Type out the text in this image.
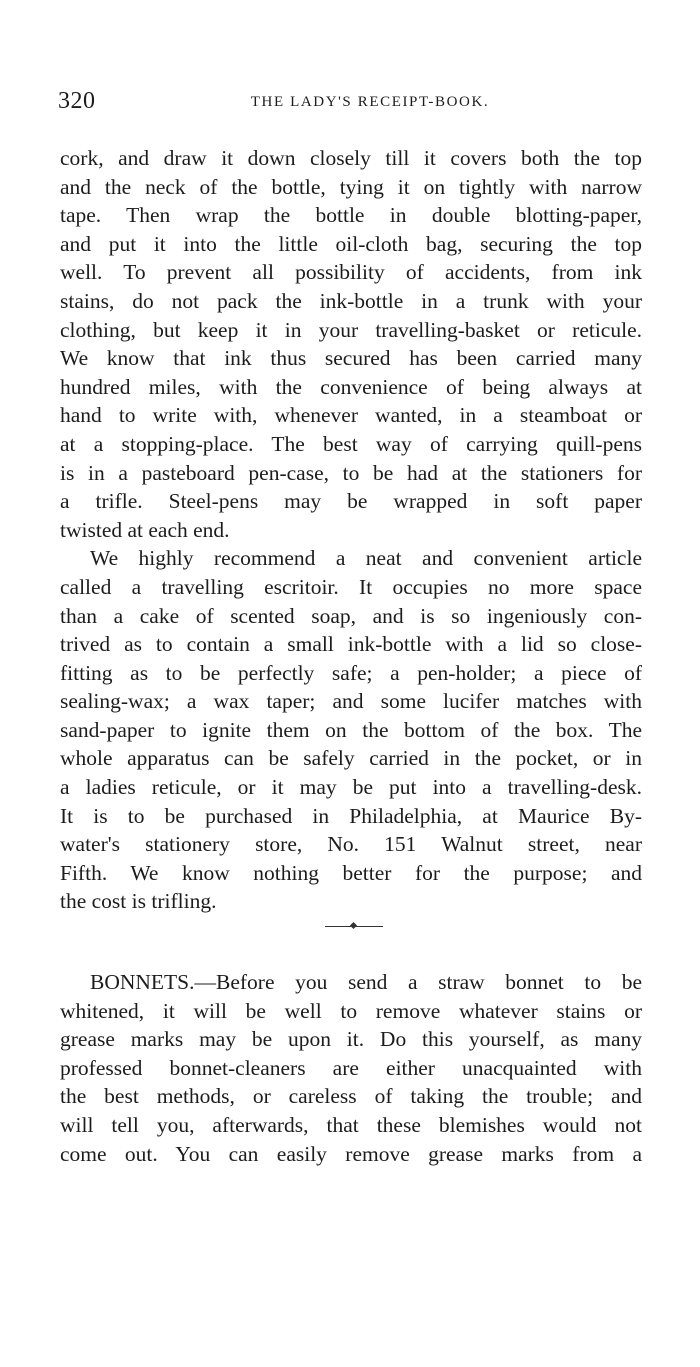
320	THE LADY'S RECEIPT-BOOK.
cork, and draw it down closely till it covers both the top
and the neck of the bottle, tying it on tightly with narrow
tape. Then wrap the bottle in double blotting-paper,
and put it into the little oil-cloth bag, securing the top
well. To prevent all possibility of accidents, from ink
stains, do not pack the ink-bottle in a trunk with your
clothing, but keep it in your travelling-basket or reticule.
We know that ink thus secured has been carried many
hundred miles, with the convenience of being always at
hand to write with, whenever wanted, in a steamboat or
at a stopping-place. The best way of carrying quill-pens
is in a pasteboard pen-case, to be had at the stationers for
a trifle. Steel-pens may be wrapped in soft paper
twisted at each end.
We highly recommend a neat and convenient article
called a travelling escritoir. It occupies no more space
than a cake of scented soap, and is so ingeniously con-
trived as to contain a small ink-bottle with a lid so close-
fitting as to be perfectly safe; a pen-holder; a piece of
sealing-wax; a wax taper; and some lucifer matches with
sand-paper to ignite them on the bottom of the box. The
whole apparatus can be safely carried in the pocket, or in
a ladies reticule, or it may be put into a travelling-desk.
It is to be purchased in Philadelphia, at Maurice By-
water's stationery store, No. 151 Walnut street, near
Fifth. We know nothing better for the purpose; and
the cost is trifling.
BONNETS.—Before you send a straw bonnet to be
whitened, it will be well to remove whatever stains or
grease marks may be upon it. Do this yourself, as many
professed bonnet-cleaners are either unacquainted with
the best methods, or careless of taking the trouble; and
will tell you, afterwards, that these blemishes would not
come out. You can easily remove grease marks from a
